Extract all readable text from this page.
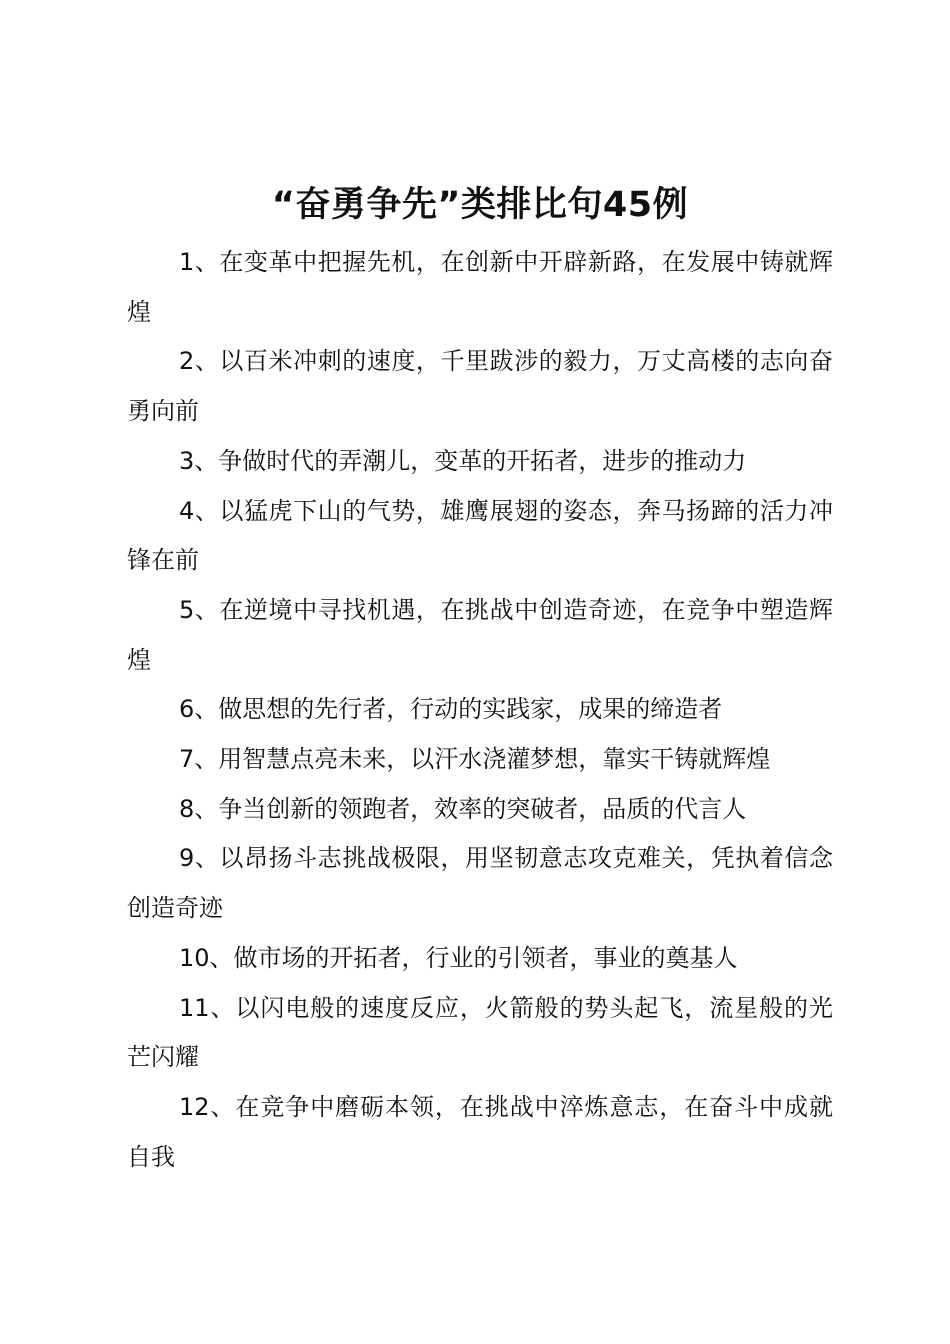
“奋勇争先”类排比句45例

1、在变革中把握先机，在创新中开辟新路，在发展中铸就辉煌

2、以百米冲刺的速度，千里跋涉的毅力，万丈高楼的志向奋勇向前

3、争做时代的弄潮儿，变革的开拓者，进步的推动力

4、以猛虎下山的气势，雄鹰展翅的姿态，奔马扬蹄的活力冲锋在前

5、在逆境中寻找机遇，在挑战中创造奇迹，在竞争中塑造辉煌

6、做思想的先行者，行动的实践家，成果的缔造者

7、用智慧点亮未来，以汗水浇灌梦想，靠实干铸就辉煌

8、争当创新的领跑者，效率的突破者，品质的代言人

9、以昂扬斗志挑战极限，用坚韧意志攻克难关，凭执着信念创造奇迹

10、做市场的开拓者，行业的引领者，事业的奠基人

11、以闪电般的速度反应，火箭般的势头起飞，流星般的光芒闪耀

12、在竞争中磨砺本领，在挑战中淬炼意志，在奋斗中成就自我
